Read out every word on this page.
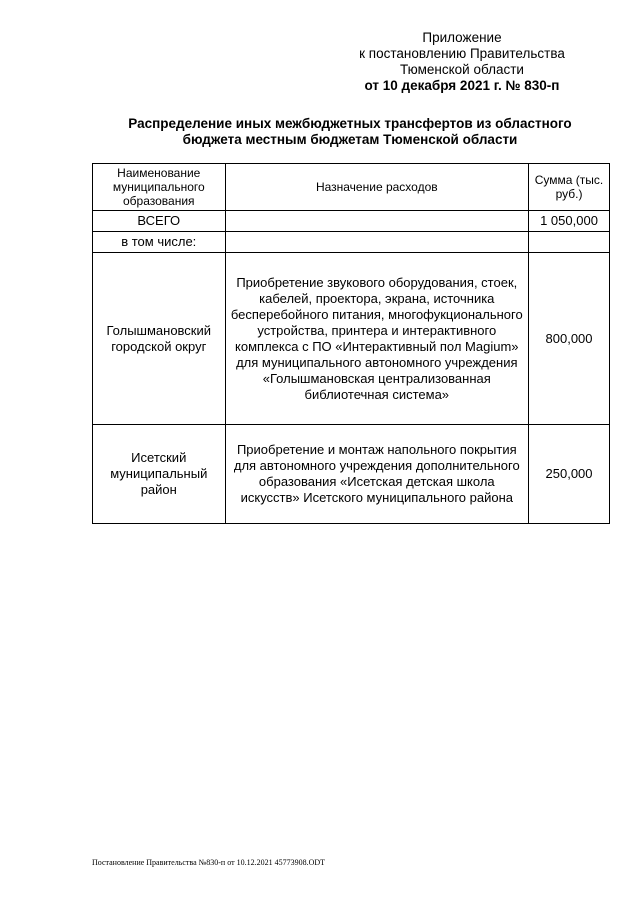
Приложение
к постановлению Правительства
Тюменской области
от 10 декабря 2021 г. № 830-п
Распределение иных межбюджетных трансфертов из областного
бюджета местным бюджетам Тюменской области
Наименование муниципального образования	Назначение расходов	Сумма (тыс. руб.)
ВСЕГО		1 050,000
в том числе:		
Голышмановский городской округ	Приобретение звукового оборудования, стоек, кабелей, проектора, экрана, источника бесперебойного питания, многофукционального устройства, принтера и интерактивного комплекса с ПО «Интерактивный пол Magium» для муниципального автономного учреждения «Голышмановская централизованная библиотечная система»	800,000
Исетский муниципальный район	Приобретение и монтаж напольного покрытия для автономного учреждения дополнительного образования «Исетская детская школа искусств» Исетского муниципального района	250,000
Постановление Правительства №830-п от 10.12.2021 45773908.ODT
